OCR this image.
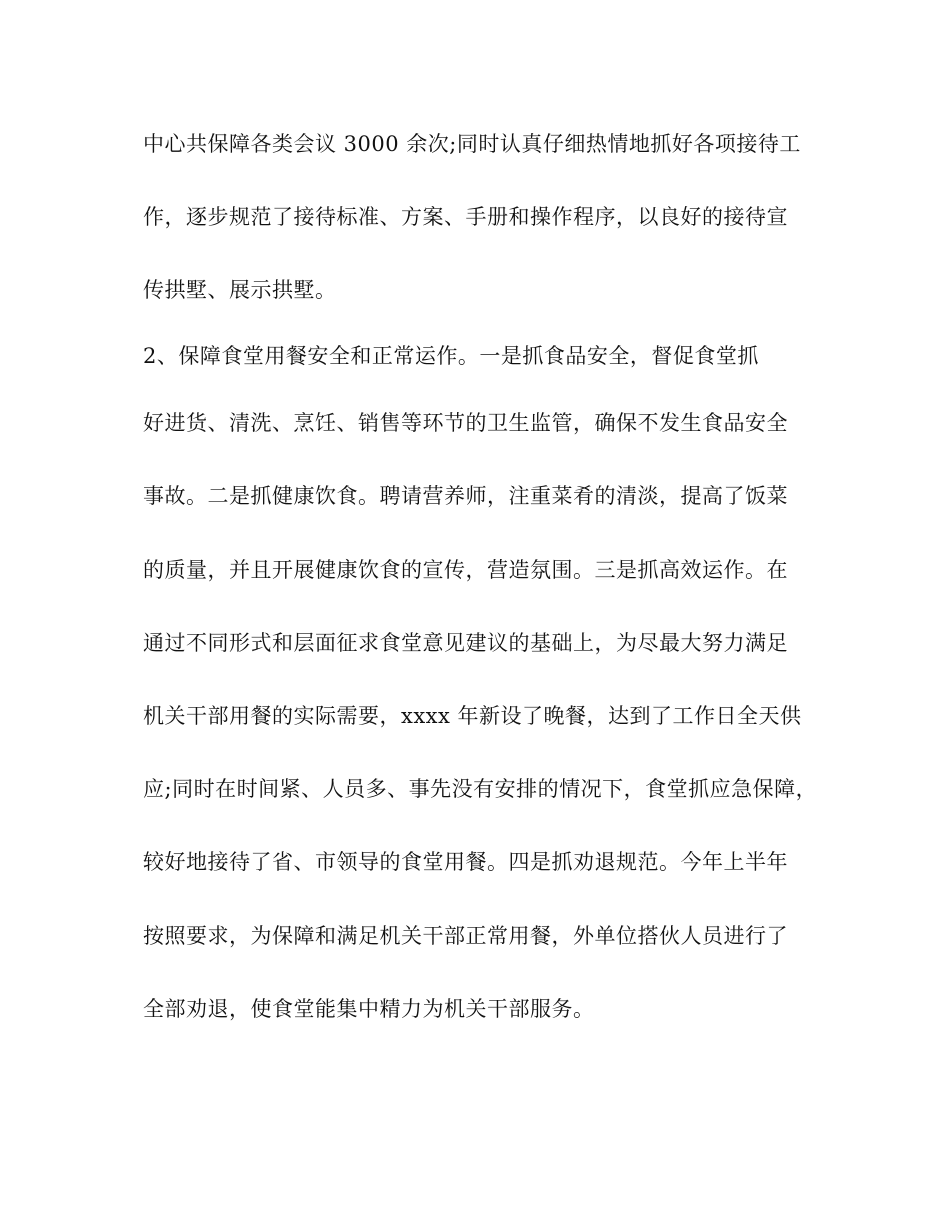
中心共保障各类会议 3000 余次;同时认真仔细热情地抓好各项接待工
作，逐步规范了接待标准、方案、手册和操作程序，以良好的接待宣
传拱墅、展示拱墅。
2、保障食堂用餐安全和正常运作。一是抓食品安全，督促食堂抓
好进货、清洗、烹饪、销售等环节的卫生监管，确保不发生食品安全
事故。二是抓健康饮食。聘请营养师，注重菜肴的清淡，提高了饭菜
的质量，并且开展健康饮食的宣传，营造氛围。三是抓高效运作。在
通过不同形式和层面征求食堂意见建议的基础上，为尽最大努力满足
机关干部用餐的实际需要，xxxx 年新设了晚餐，达到了工作日全天供
应;同时在时间紧、人员多、事先没有安排的情况下，食堂抓应急保障，
较好地接待了省、市领导的食堂用餐。四是抓劝退规范。今年上半年
按照要求，为保障和满足机关干部正常用餐，外单位搭伙人员进行了
全部劝退，使食堂能集中精力为机关干部服务。
